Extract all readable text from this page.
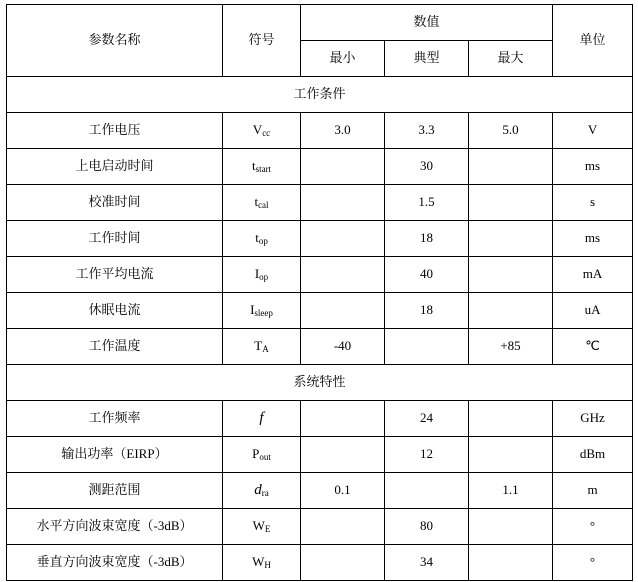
参数名称	符号	数值			单位
		最小	典型	最大	
工作条件					
工作电压	$V_{cc}$	3.0	3.3	5.0	V
上电启动时间	$t_{start}$		30		ms
校准时间	$t_{cal}$		1.5		s
工作时间	$t_{op}$		18		ms
工作平均电流	$I_{op}$		40		mA
休眠电流	$I_{sleep}$		18		uA
工作温度	$T_A$	-40		+85	℃
系统特性					
工作频率	f		24		GHz
输出功率（EIRP）	$P_{out}$		12		dBm
测距范围	$d_{ra}$	0.1		1.1	m
水平方向波束宽度（-3dB）	$W_E$		80		°
垂直方向波束宽度（-3dB）	$W_H$		34		°
